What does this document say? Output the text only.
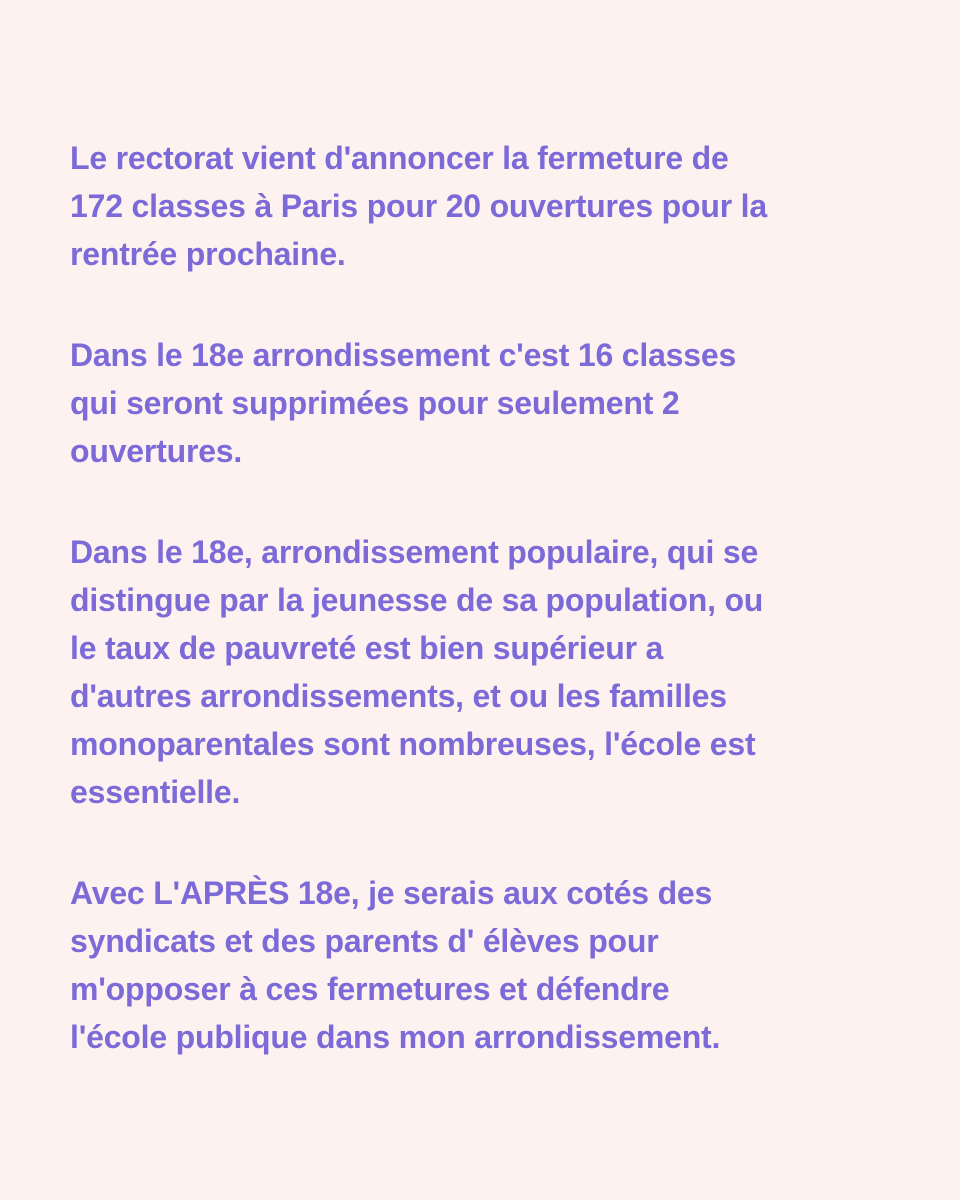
Le rectorat vient d'annoncer la fermeture de
172 classes à Paris pour 20 ouvertures pour la
rentrée prochaine.

Dans le 18e arrondissement c'est 16 classes
qui seront supprimées pour seulement 2
ouvertures.

Dans le 18e, arrondissement populaire, qui se
distingue par la jeunesse de sa population, ou
le taux de pauvreté est bien supérieur a
d'autres arrondissements, et ou les familles
monoparentales sont nombreuses, l'école est
essentielle.

Avec L'APRÈS 18e, je serais aux cotés des
syndicats et des parents d' élèves pour
m'opposer à ces fermetures et défendre
l'école publique dans mon arrondissement.
